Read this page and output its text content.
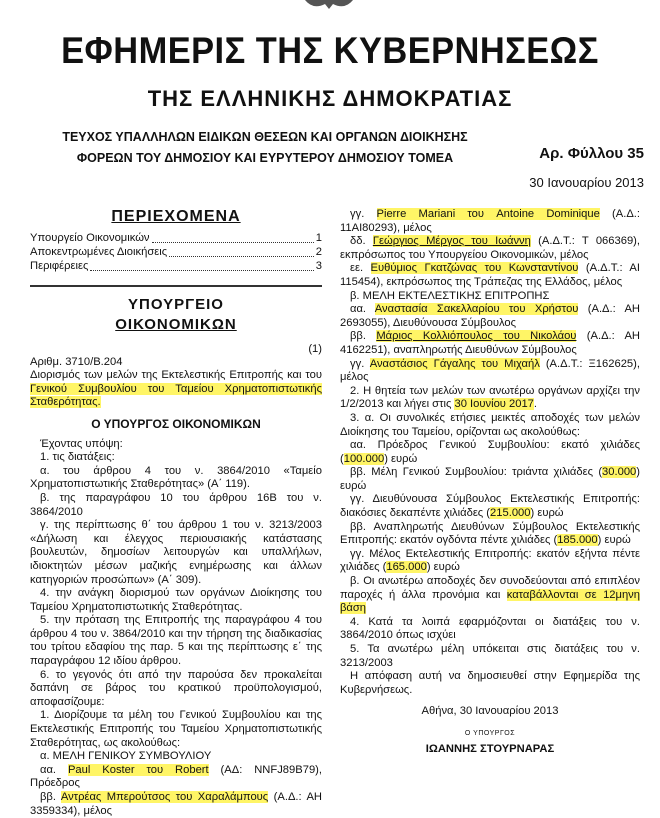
ΕΦΗΜΕΡΙΣ ΤΗΣ ΚΥΒΕΡΝΗΣΕΩΣ
ΤΗΣ ΕΛΛΗΝΙΚΗΣ ΔΗΜΟΚΡΑΤΙΑΣ
ΤΕΥΧΟΣ ΥΠΑΛΛΗΛΩΝ ΕΙΔΙΚΩΝ ΘΕΣΕΩΝ ΚΑΙ ΟΡΓΑΝΩΝ ΔΙΟΙΚΗΣΗΣ
ΦΟΡΕΩΝ ΤΟΥ ΔΗΜΟΣΙΟΥ ΚΑΙ ΕΥΡΥΤΕΡΟΥ ΔΗΜΟΣΙΟΥ ΤΟΜΕΑ	Αρ. Φύλλου 35
30 Ιανουαρίου 2013
ΠΕΡΙΕΧΟΜΕΝΑ
Υπουργείο Οικονομικών	1
Αποκεντρωμένες Διοικήσεις	2
Περιφέρειες	3
ΥΠΟΥΡΓΕΙΟ
ΟΙΚΟΝΟΜΙΚΩΝ
(1)

Αριθμ. 3710/Β.204

Διορισμός των μελών της Εκτελεστικής Επιτροπής και του Γενικού Συμβουλίου του Ταμείου Χρηματοπιστωτικής Σταθερότητας.

Ο ΥΠΟΥΡΓΟΣ ΟΙΚΟΝΟΜΙΚΩΝ

Έχοντας υπόψη:

1. τις διατάξεις:

α. του άρθρου 4 του ν. 3864/2010 «Ταμείο Χρηματοπιστωτικής Σταθερότητας» (Α΄ 119).

β. της παραγράφου 10 του άρθρου 16Β του ν. 3864/2010

γ. της περίπτωσης θ΄ του άρθρου 1 του ν. 3213/2003 «Δήλωση και έλεγχος περιουσιακής κατάστασης βουλευτών, δημοσίων λειτουργών και υπαλλήλων, ιδιοκτητών μέσων μαζικής ενημέρωσης και άλλων κατηγοριών προσώπων» (Α΄ 309).

4. την ανάγκη διορισμού των οργάνων Διοίκησης του Ταμείου Χρηματοπιστωτικής Σταθερότητας.

5. την πρόταση της Επιτροπής της παραγράφου 4 του άρθρου 4 του ν. 3864/2010 και την τήρηση της διαδικασίας του τρίτου εδαφίου της παρ. 5 και της περίπτωσης ε΄ της παραγράφου 12 ιδίου άρθρου.

6. το γεγονός ότι από την παρούσα δεν προκαλείται δαπάνη σε βάρος του κρατικού προϋπολογισμού, αποφασίζουμε:

1. Διορίζουμε τα μέλη του Γενικού Συμβουλίου και της Εκτελεστικής Επιτροπής του Ταμείου Χρηματοπιστωτικής Σταθερότητας, ως ακολούθως:

α. ΜΕΛΗ ΓΕΝΙΚΟΥ ΣΥΜΒΟΥΛΙΟΥ

αα. Paul Koster του Robert (ΑΔ: NNFJ89B79), Πρόεδρος

ββ. Αντρέας Μπερούτσος του Χαραλάμπους (Α.Δ.: ΑΗ 3359334), μέλος

γγ. Pierre Mariani του Antoine Dominique (Α.Δ.: 11AI80293), μέλος

δδ. Γεώργιος Μέργος του Ιωάννη (Α.Δ.Τ.: Τ 066369), εκπρόσωπος του Υπουργείου Οικονομικών, μέλος

εε. Ευθύμιος Γκατζώνας του Κωνσταντίνου (Α.Δ.Τ.: ΑΙ 115454), εκπρόσωπος της Τράπεζας της Ελλάδος, μέλος

β. ΜΕΛΗ ΕΚΤΕΛΕΣΤΙΚΗΣ ΕΠΙΤΡΟΠΗΣ

αα. Αναστασία Σακελλαρίου του Χρήστου (Α.Δ.: ΑΗ 2693055), Διευθύνουσα Σύμβουλος

ββ. Μάριος Κολλιόπουλος του Νικολάου (Α.Δ.: ΑΗ 4162251), αναπληρωτής Διευθύνων Σύμβουλος

γγ. Αναστάσιος Γάγαλης του Μιχαήλ (Α.Δ.Τ.: Ξ162625), μέλος

2. Η θητεία των μελών των ανωτέρω οργάνων αρχίζει την 1/2/2013 και λήγει στις 30 Ιουνίου 2017.

3. α. Οι συνολικές ετήσιες μεικτές αποδοχές των μελών Διοίκησης του Ταμείου, ορίζονται ως ακολούθως:

αα. Πρόεδρος Γενικού Συμβουλίου: εκατό χιλιάδες (100.000) ευρώ

ββ. Μέλη Γενικού Συμβουλίου: τριάντα χιλιάδες (30.000) ευρώ

γγ. Διευθύνουσα Σύμβουλος Εκτελεστικής Επιτροπής: διακόσιες δεκαπέντε χιλιάδες (215.000) ευρώ

ββ. Αναπληρωτής Διευθύνων Σύμβουλος Εκτελεστικής Επιτροπής: εκατόν ογδόντα πέντε χιλιάδες (185.000) ευρώ

γγ. Μέλος Εκτελεστικής Επιτροπής: εκατόν εξήντα πέντε χιλιάδες (165.000) ευρώ

β. Οι ανωτέρω αποδοχές δεν συνοδεύονται από επιπλέον παροχές ή άλλα προνόμια και καταβάλλονται σε 12μηνη βάση

4. Κατά τα λοιπά εφαρμόζονται οι διατάξεις του ν. 3864/2010 όπως ισχύει

5. Τα ανωτέρω μέλη υπόκειται στις διατάξεις του ν. 3213/2003

Η απόφαση αυτή να δημοσιευθεί στην Εφημερίδα της Κυβερνήσεως.

Αθήνα, 30 Ιανουαρίου 2013
Ο ΥΠΟΥΡΓΟΣ
ΙΩΑΝΝΗΣ ΣΤΟΥΡΝΑΡΑΣ
